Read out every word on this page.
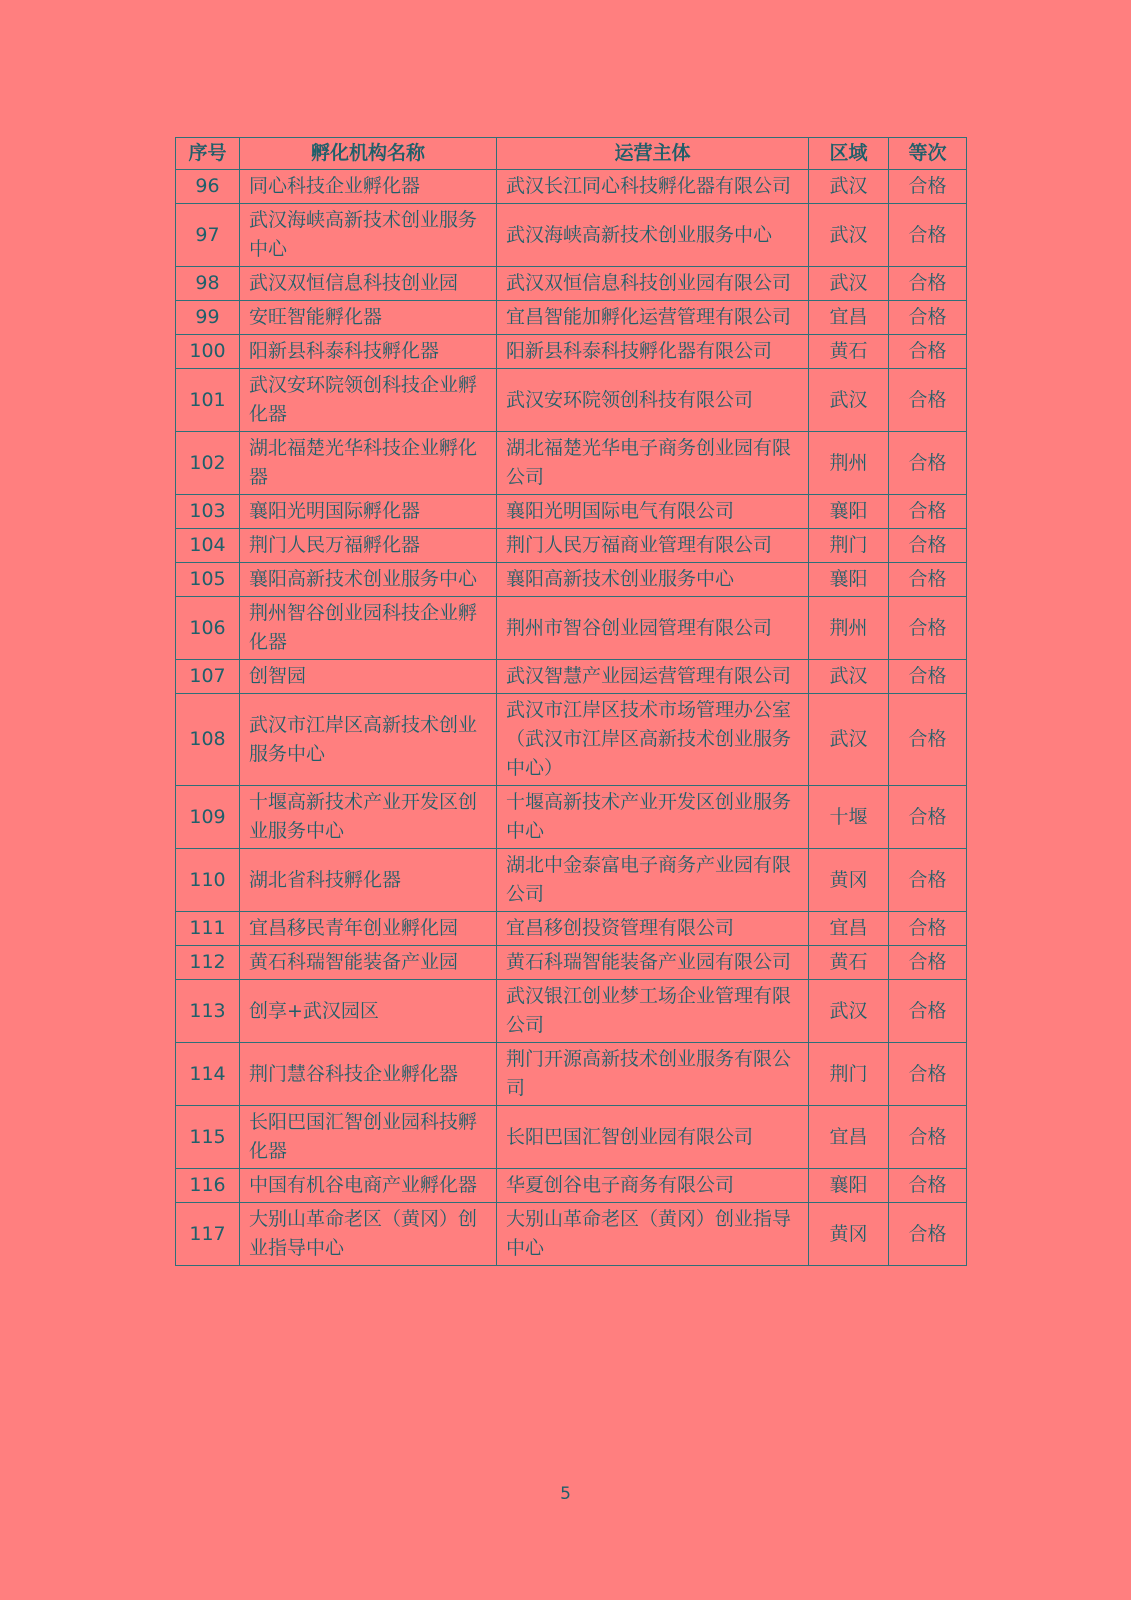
序号	孵化机构名称	运营主体	区域	等次
96	同心科技企业孵化器	武汉长江同心科技孵化器有限公司	武汉	合格
97	武汉海峡高新技术创业服务中心	武汉海峡高新技术创业服务中心	武汉	合格
98	武汉双恒信息科技创业园	武汉双恒信息科技创业园有限公司	武汉	合格
99	安旺智能孵化器	宜昌智能加孵化运营管理有限公司	宜昌	合格
100	阳新县科泰科技孵化器	阳新县科泰科技孵化器有限公司	黄石	合格
101	武汉安环院领创科技企业孵化器	武汉安环院领创科技有限公司	武汉	合格
102	湖北福楚光华科技企业孵化器	湖北福楚光华电子商务创业园有限公司	荆州	合格
103	襄阳光明国际孵化器	襄阳光明国际电气有限公司	襄阳	合格
104	荆门人民万福孵化器	荆门人民万福商业管理有限公司	荆门	合格
105	襄阳高新技术创业服务中心	襄阳高新技术创业服务中心	襄阳	合格
106	荆州智谷创业园科技企业孵化器	荆州市智谷创业园管理有限公司	荆州	合格
107	创智园	武汉智慧产业园运营管理有限公司	武汉	合格
108	武汉市江岸区高新技术创业服务中心	武汉市江岸区技术市场管理办公室（武汉市江岸区高新技术创业服务中心）	武汉	合格
109	十堰高新技术产业开发区创业服务中心	十堰高新技术产业开发区创业服务中心	十堰	合格
110	湖北省科技孵化器	湖北中金泰富电子商务产业园有限公司	黄冈	合格
111	宜昌移民青年创业孵化园	宜昌移创投资管理有限公司	宜昌	合格
112	黄石科瑞智能装备产业园	黄石科瑞智能装备产业园有限公司	黄石	合格
113	创享+武汉园区	武汉银江创业梦工场企业管理有限公司	武汉	合格
114	荆门慧谷科技企业孵化器	荆门开源高新技术创业服务有限公司	荆门	合格
115	长阳巴国汇智创业园科技孵化器	长阳巴国汇智创业园有限公司	宜昌	合格
116	中国有机谷电商产业孵化器	华夏创谷电子商务有限公司	襄阳	合格
117	大别山革命老区（黄冈）创业指导中心	大别山革命老区（黄冈）创业指导中心	黄冈	合格
5
